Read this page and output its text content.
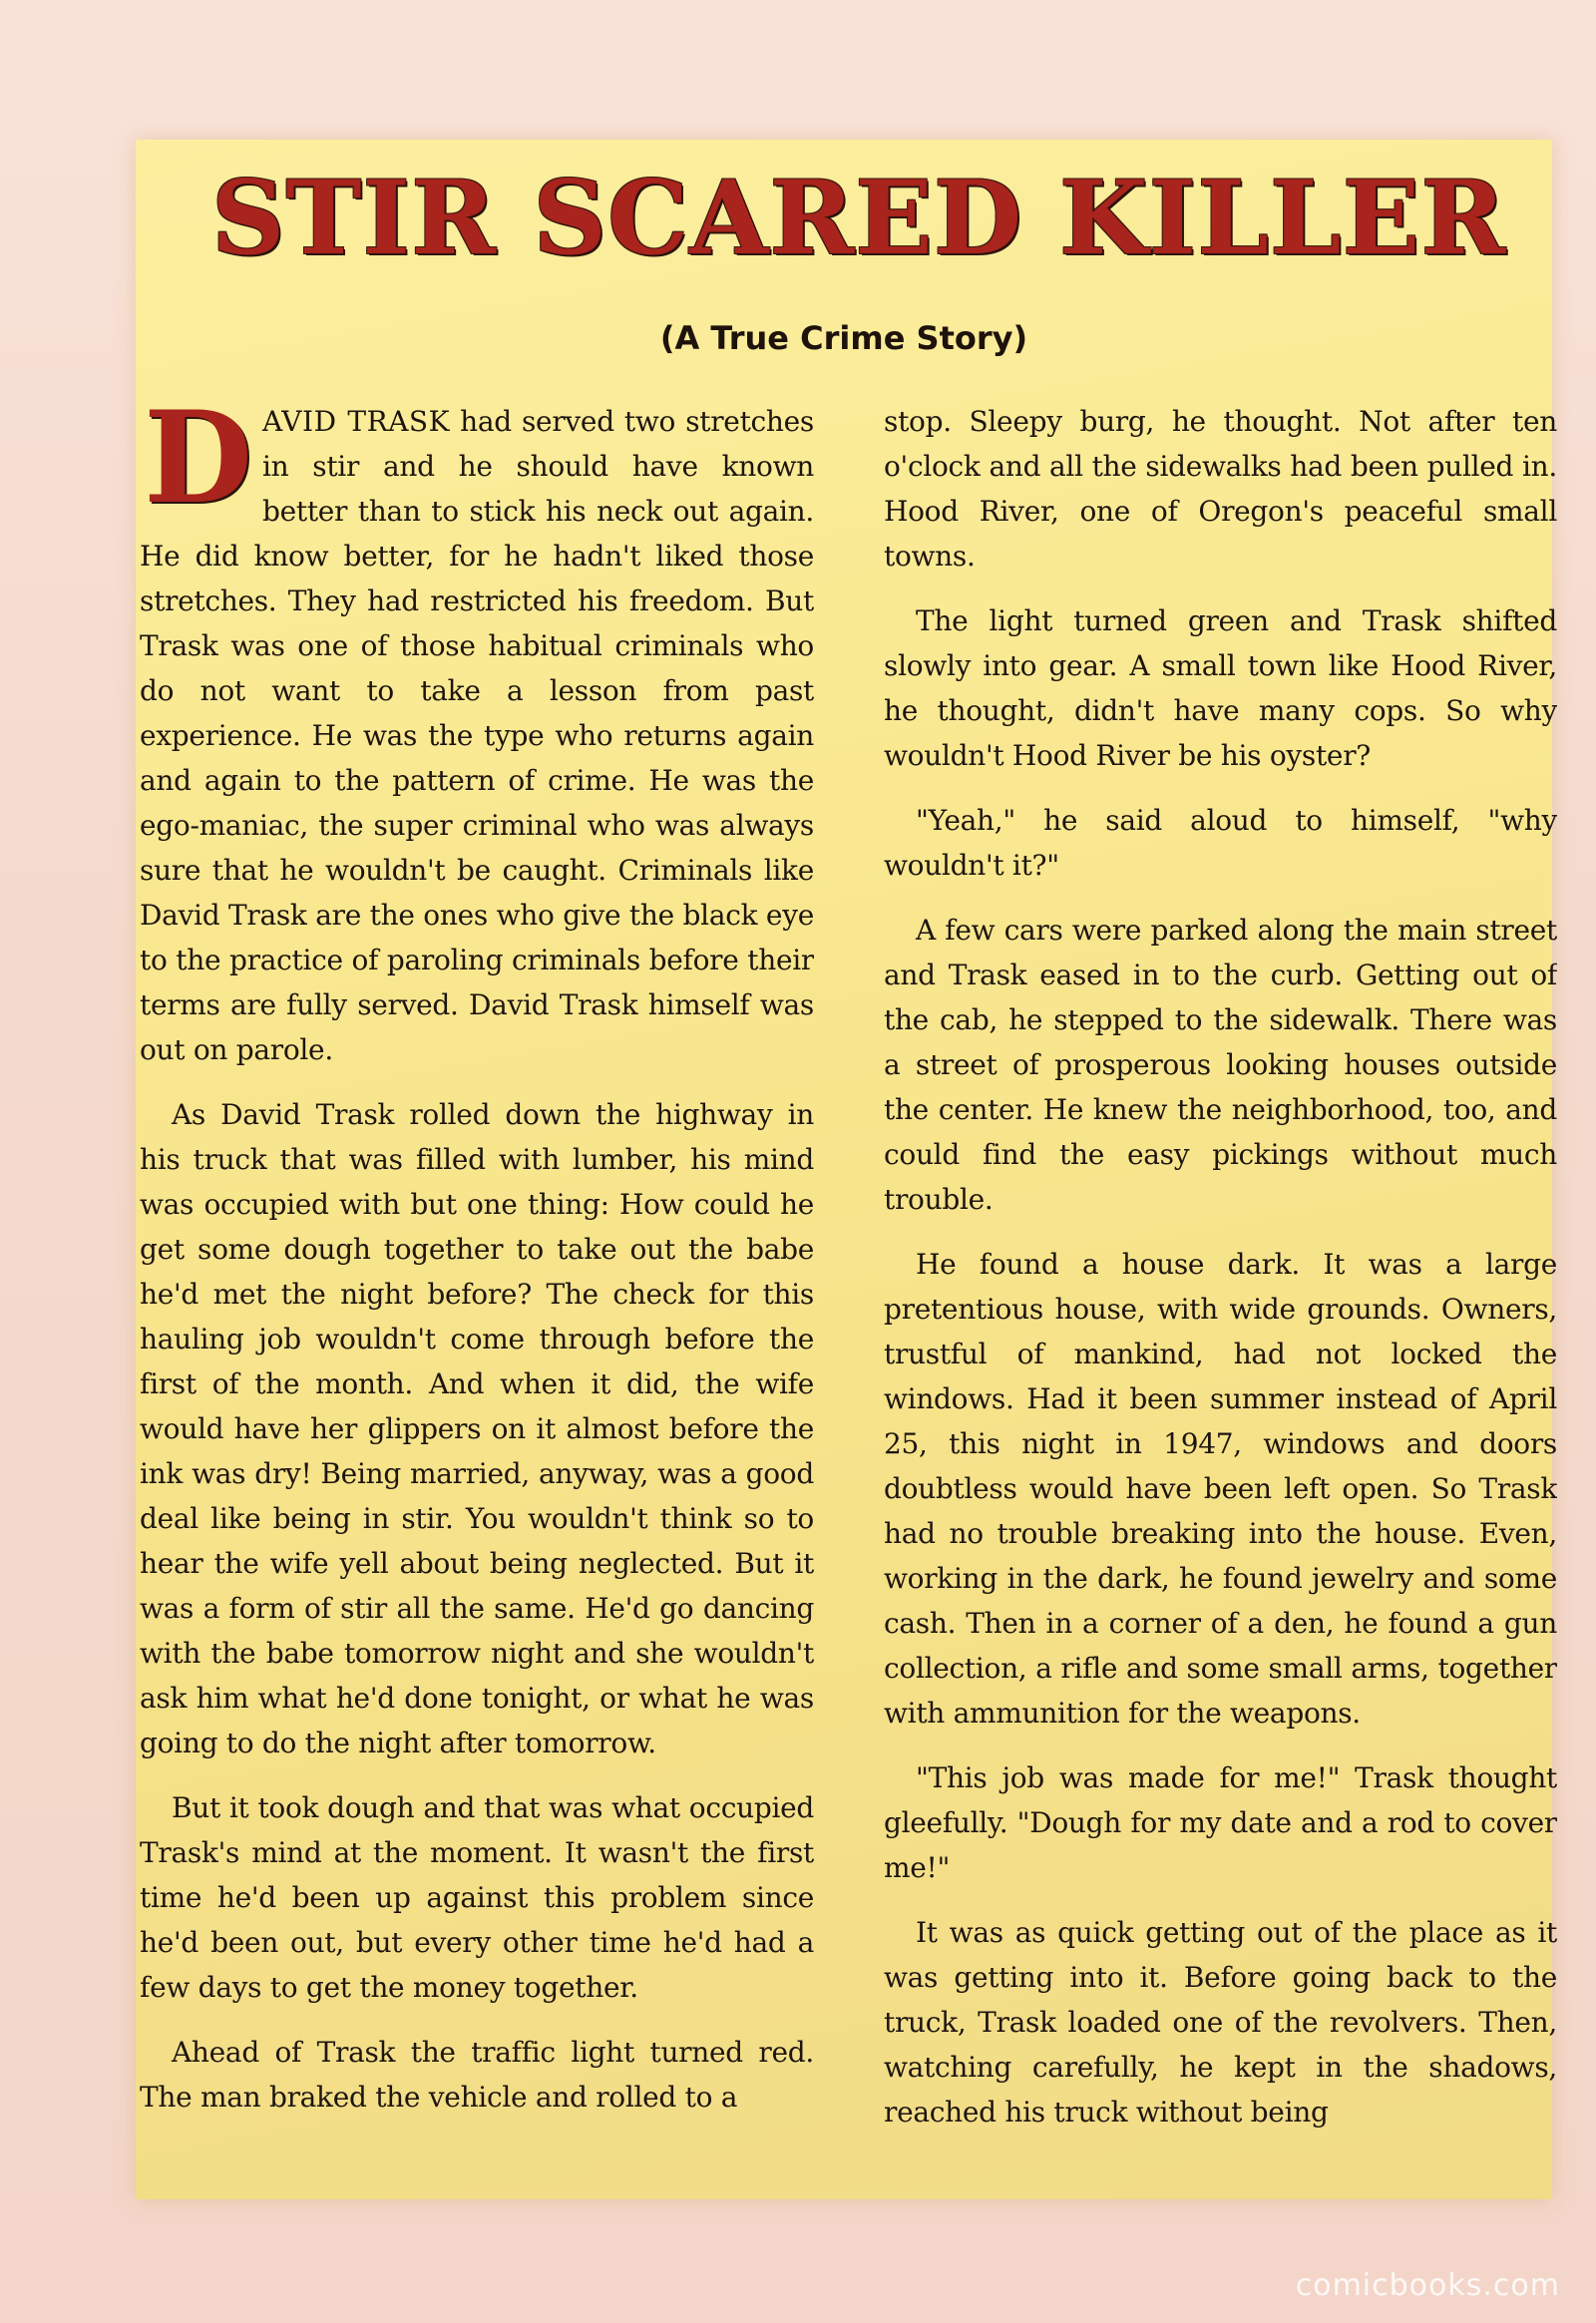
STIR SCARED KILLER
(A True Crime Story)

DAVID TRASK had served two stretches in stir and he should have known better than to stick his neck out again. He did know better, for he hadn't liked those stretches. They had restricted his freedom. But Trask was one of those habitual criminals who do not want to take a lesson from past experience. He was the type who returns again and again to the pattern of crime. He was the ego-maniac, the super criminal who was always sure that he wouldn't be caught. Criminals like David Trask are the ones who give the black eye to the practice of paroling criminals before their terms are fully served. David Trask himself was out on parole.

As David Trask rolled down the highway in his truck that was filled with lumber, his mind was occupied with but one thing: How could he get some dough together to take out the babe he'd met the night before? The check for this hauling job wouldn't come through before the first of the month. And when it did, the wife would have her glippers on it almost before the ink was dry! Being married, anyway, was a good deal like being in stir. You wouldn't think so to hear the wife yell about being neglected. But it was a form of stir all the same. He'd go dancing with the babe tomorrow night and she wouldn't ask him what he'd done tonight, or what he was going to do the night after tomorrow.

But it took dough and that was what occupied Trask's mind at the moment. It wasn't the first time he'd been up against this problem since he'd been out, but every other time he'd had a few days to get the money together.

Ahead of Trask the traffic light turned red. The man braked the vehicle and rolled to a

stop. Sleepy burg, he thought. Not after ten o'clock and all the sidewalks had been pulled in. Hood River, one of Oregon's peaceful small towns.

The light turned green and Trask shifted slowly into gear. A small town like Hood River, he thought, didn't have many cops. So why wouldn't Hood River be his oyster?

"Yeah," he said aloud to himself, "why wouldn't it?"

A few cars were parked along the main street and Trask eased in to the curb. Getting out of the cab, he stepped to the sidewalk. There was a street of prosperous looking houses outside the center. He knew the neighborhood, too, and could find the easy pickings without much trouble.

He found a house dark. It was a large pretentious house, with wide grounds. Owners, trustful of mankind, had not locked the windows. Had it been summer instead of April 25, this night in 1947, windows and doors doubtless would have been left open. So Trask had no trouble breaking into the house. Even, working in the dark, he found jewelry and some cash. Then in a corner of a den, he found a gun collection, a rifle and some small arms, together with ammunition for the weapons.

"This job was made for me!" Trask thought gleefully. "Dough for my date and a rod to cover me!"

It was as quick getting out of the place as it was getting into it. Before going back to the truck, Trask loaded one of the revolvers. Then, watching carefully, he kept in the shadows, reached his truck without being

comicbooks.com
